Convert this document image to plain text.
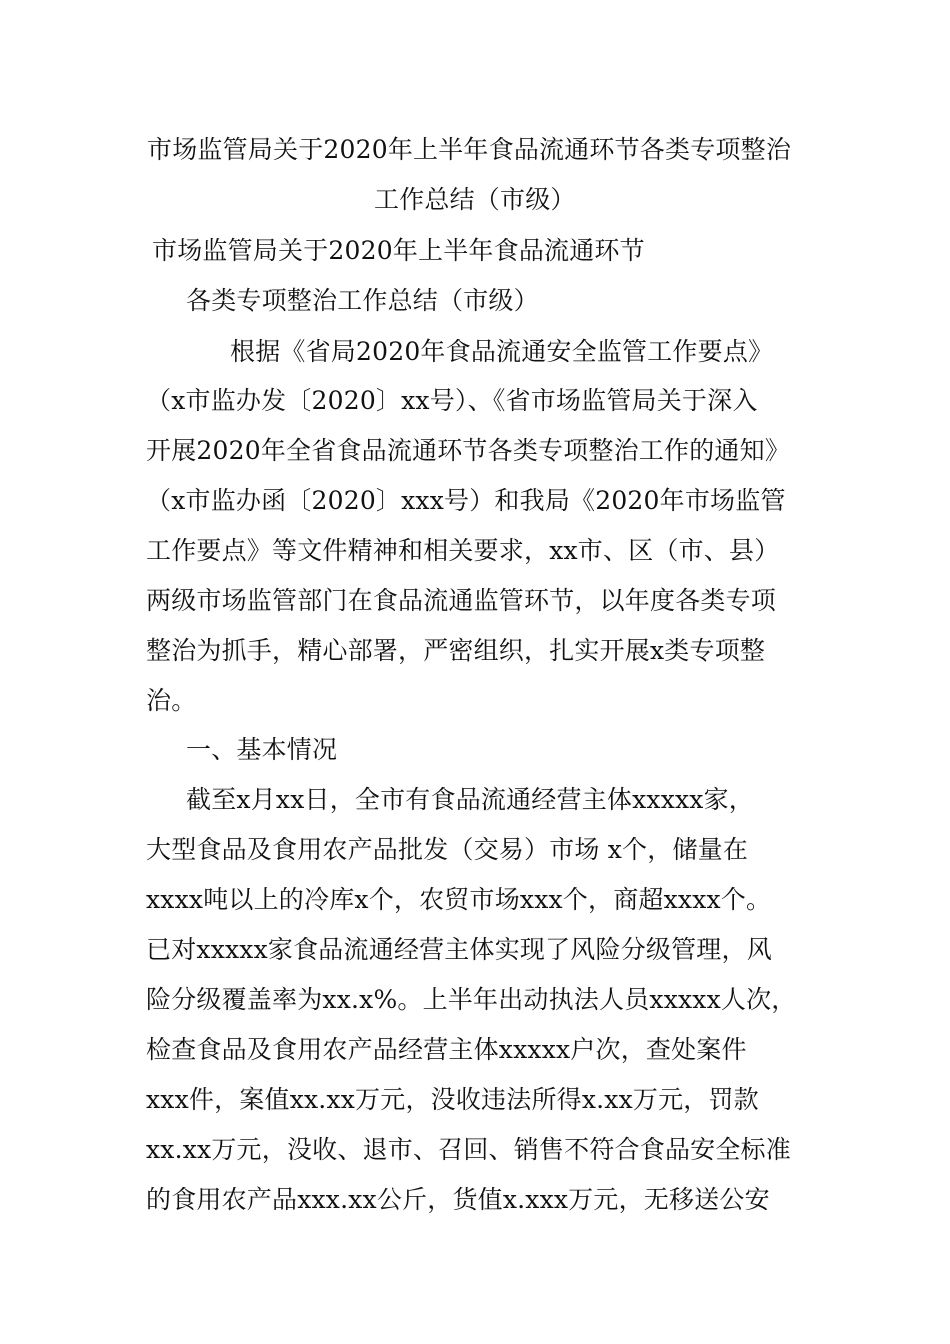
市场监管局关于2020年上半年食品流通环节各类专项整治
工作总结（市级）
市场监管局关于2020年上半年食品流通环节
各类专项整治工作总结（市级）
根据《省局2020年食品流通安全监管工作要点》
（x市监办发〔2020〕xx号）、《省市场监管局关于深入
开展2020年全省食品流通环节各类专项整治工作的通知》
（x市监办函〔2020〕xxx号）和我局《2020年市场监管
工作要点》等文件精神和相关要求，xx市、区（市、县）
两级市场监管部门在食品流通监管环节，以年度各类专项
整治为抓手，精心部署，严密组织，扎实开展x类专项整
治。
一、基本情况
截至x月xx日，全市有食品流通经营主体xxxxx家，
大型食品及食用农产品批发（交易）市场 x个，储量在
xxxx吨以上的冷库x个，农贸市场xxx个，商超xxxx个。
已对xxxxx家食品流通经营主体实现了风险分级管理，风
险分级覆盖率为xx.x%。上半年出动执法人员xxxxx人次，
检查食品及食用农产品经营主体xxxxx户次，查处案件
xxx件，案值xx.xx万元，没收违法所得x.xx万元，罚款
xx.xx万元，没收、退市、召回、销售不符合食品安全标准
的食用农产品xxx.xx公斤，货值x.xxx万元，无移送公安
